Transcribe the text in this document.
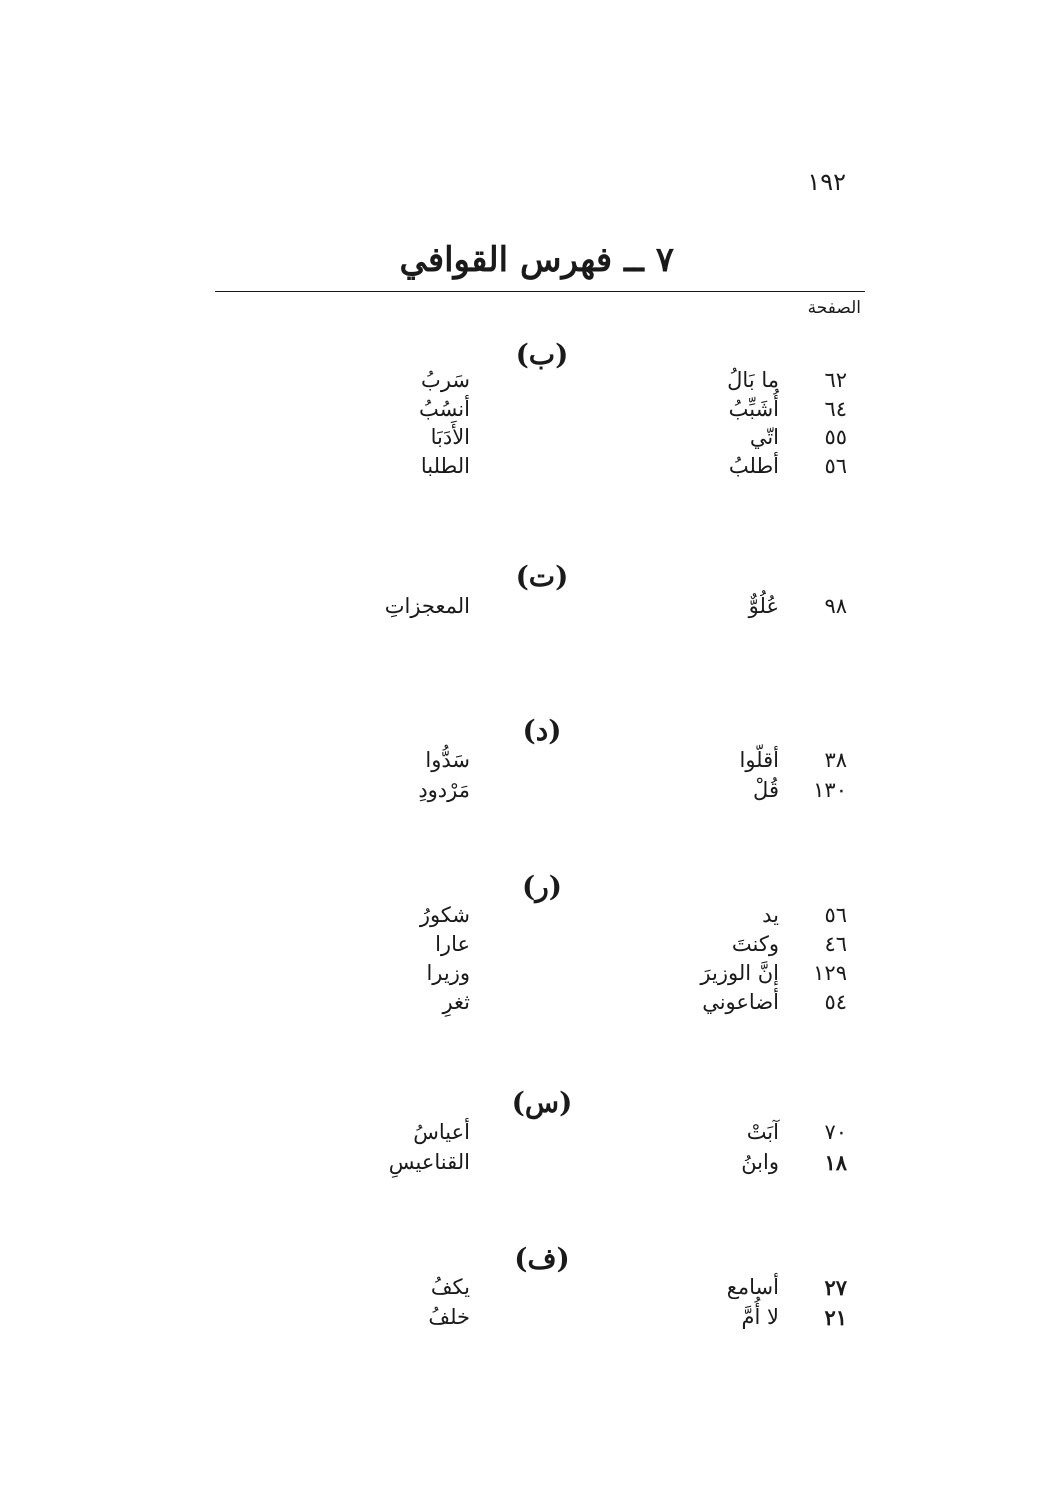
١٩٢
٧ ــ فهرس القوافي
الصفحة
(ب)
٦٢
ما بَالُ
سَربُ
٦٤
أُشَبِّبُ
أنسُبُ
٥٥
اتّي
الأَدَبَا
٥٦
أطلبُ
الطلبا
(ت)
٩٨
عُلُوٌّ
المعجزاتِ
(د)
٣٨
أقلّوا
سَدُّوا
١٣٠
قُلْ
مَرْدودِ
(ر)
٥٦
يد
شكورُ
٤٦
وكنتَ
عارا
١٢٩
إنَّ الوزيرَ
وزيرا
٥٤
أضاعوني
ثغرِ
(س)
٧٠
آبَتْ
أعياسُ
١٨
وابنُ
القناعيسِ
(ف)
٢٧
أسامع
يكفُ
٢١
لا أُمَّ
خلفُ
